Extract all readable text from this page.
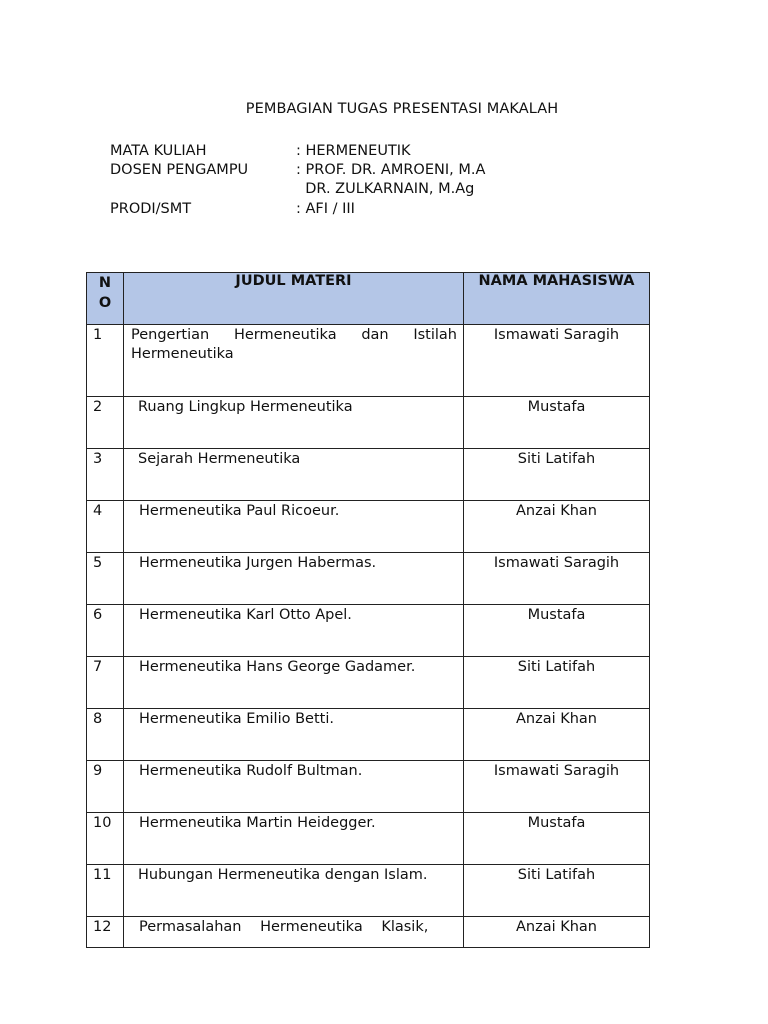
PEMBAGIAN TUGAS PRESENTASI MAKALAH
MATA KULIAH	: HERMENEUTIK
DOSEN PENGAMPU	: PROF. DR. AMROENI, M.A
DR. ZULKARNAIN, M.Ag
PRODI/SMT	: AFI / III
NO	JUDUL MATERI	NAMA MAHASISWA
1	Pengertian Hermeneutika dan Istilah Hermeneutika	Ismawati Saragih
2	Ruang Lingkup Hermeneutika	Mustafa
3	Sejarah Hermeneutika	Siti Latifah
4	Hermeneutika Paul Ricoeur.	Anzai Khan
5	Hermeneutika Jurgen Habermas.	Ismawati Saragih
6	Hermeneutika Karl Otto Apel.	Mustafa
7	Hermeneutika Hans George Gadamer.	Siti Latifah
8	Hermeneutika Emilio Betti.	Anzai Khan
9	Hermeneutika Rudolf Bultman.	Ismawati Saragih
10	Hermeneutika Martin Heidegger.	Mustafa
11	Hubungan Hermeneutika dengan Islam.	Siti Latifah
12	Permasalahan Hermeneutika Klasik,	Anzai Khan
